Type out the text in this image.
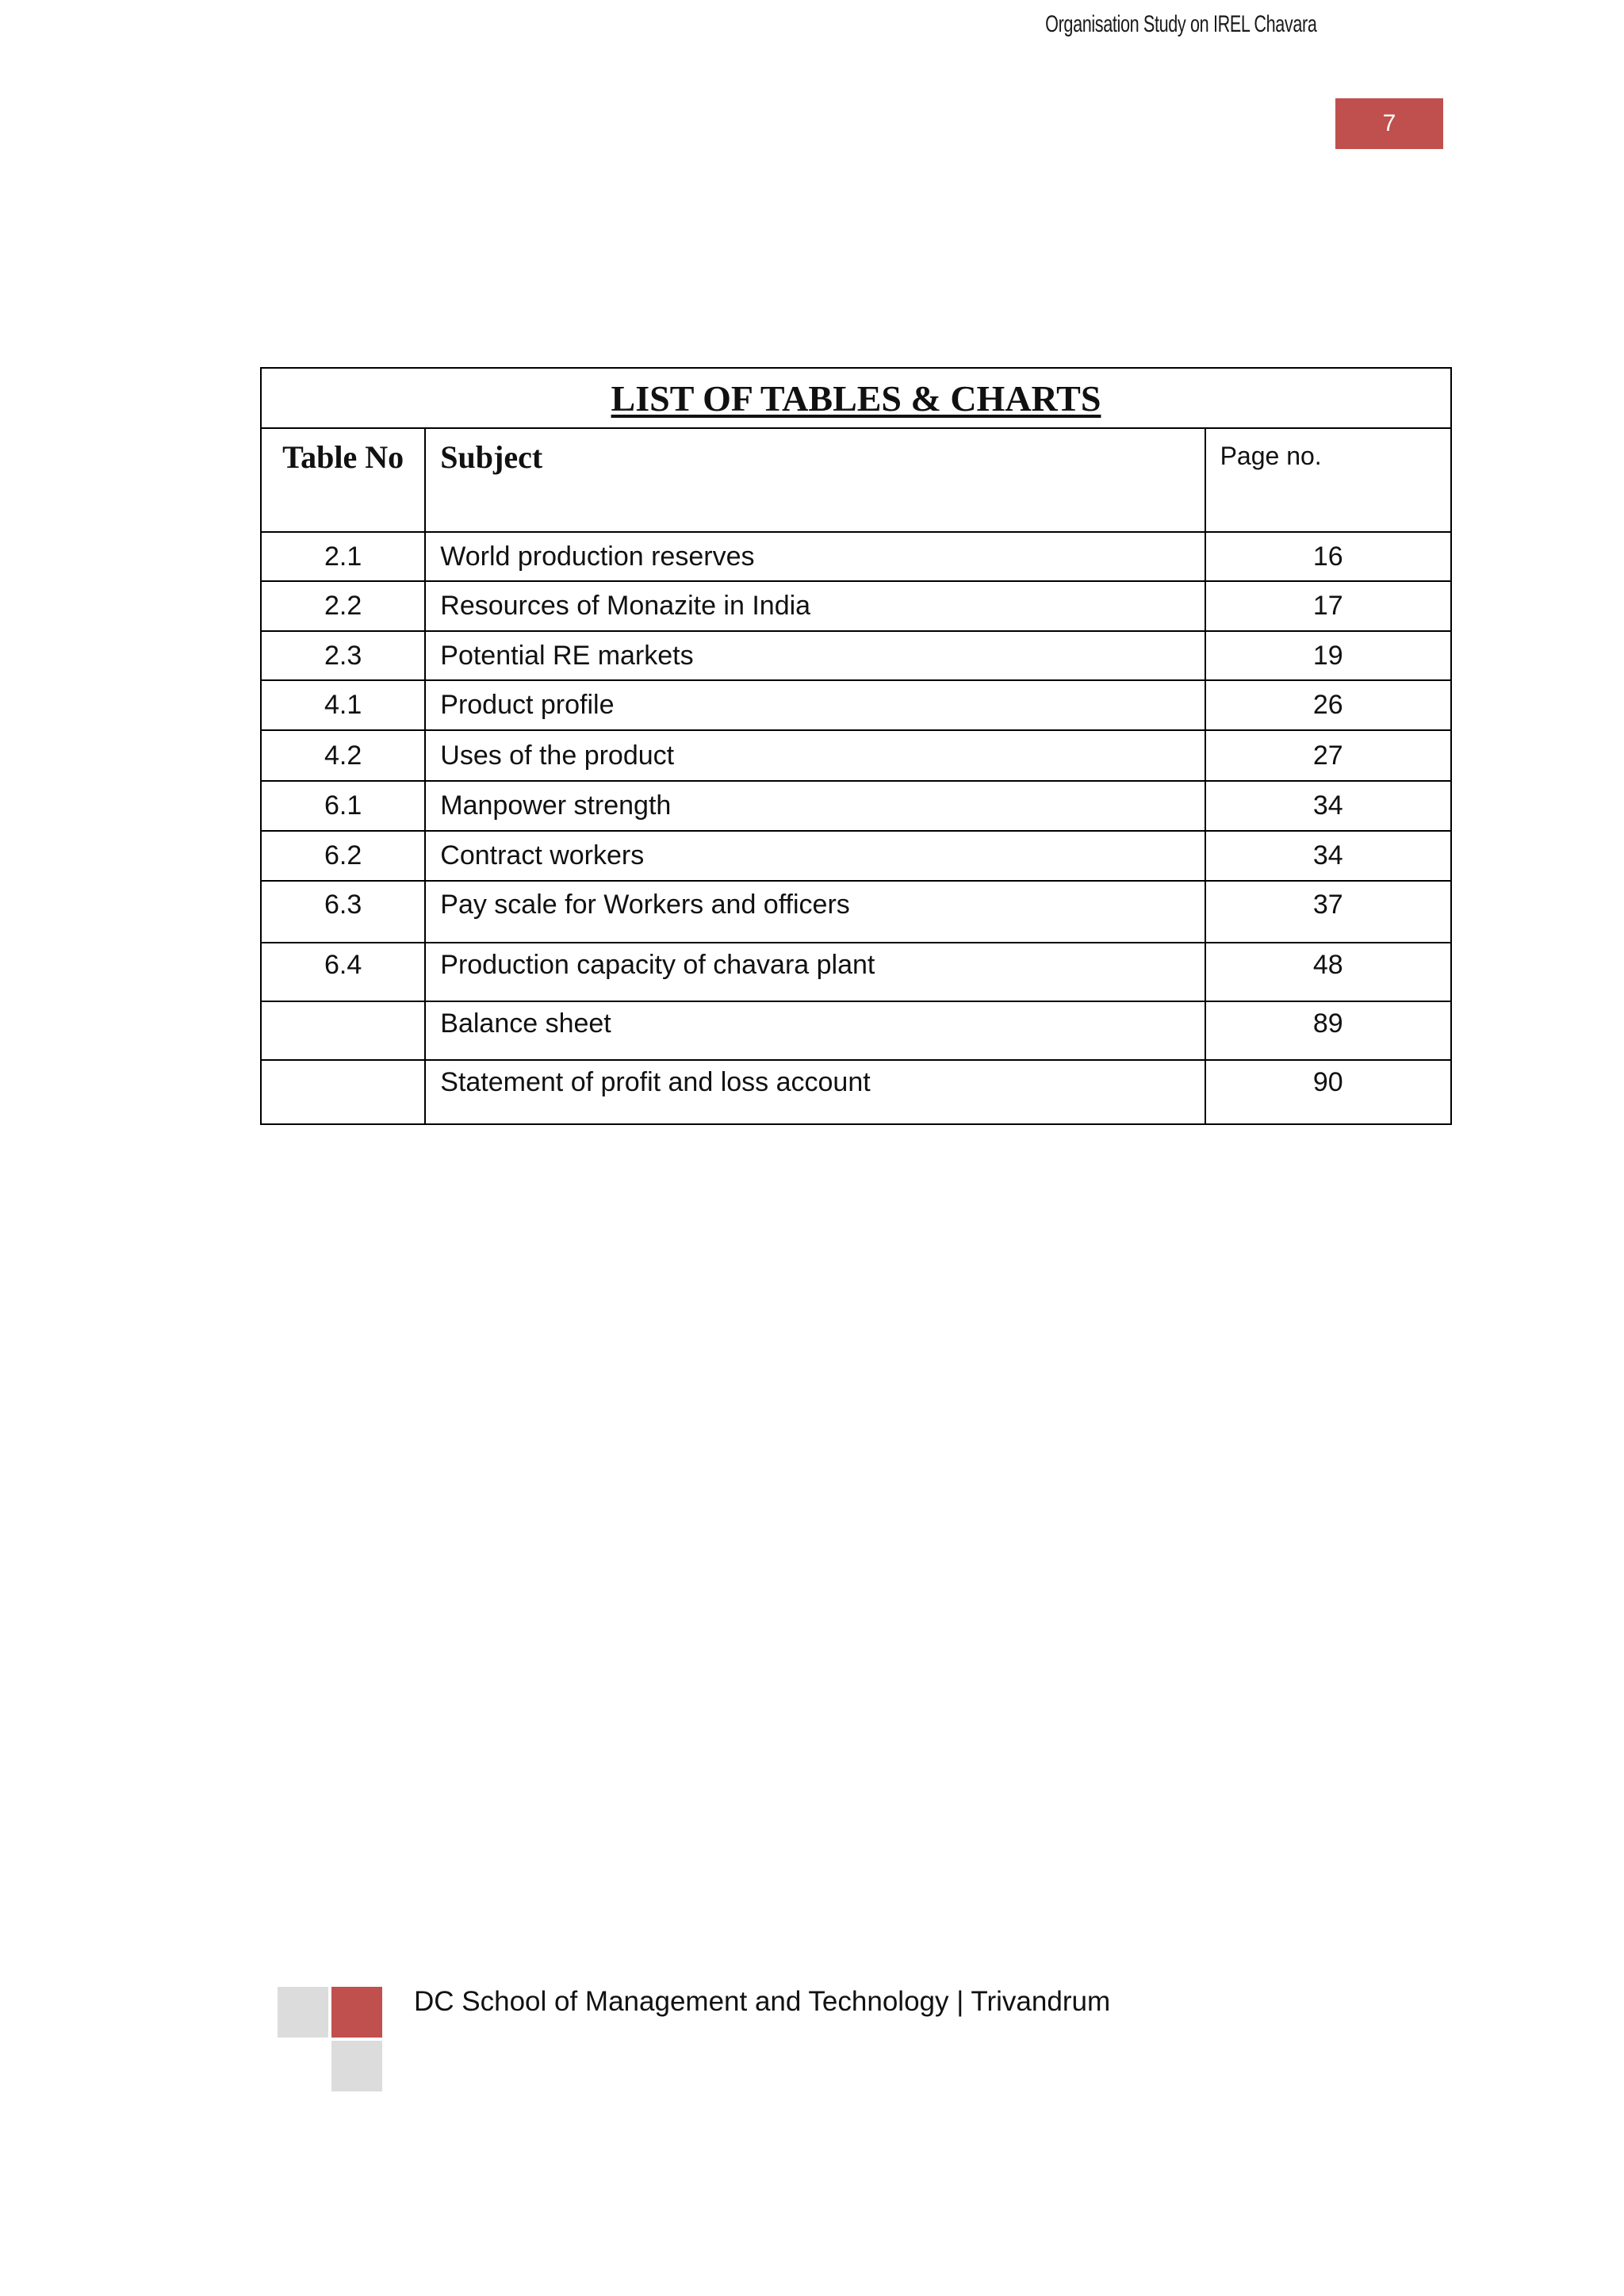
Organisation Study on IREL Chavara
7
LIST OF TABLES & CHARTS		
Table No	Subject	Page no.
2.1	World production reserves	16
2.2	Resources of Monazite in India	17
2.3	Potential RE markets	19
4.1	Product profile	26
4.2	Uses of the product	27
6.1	Manpower strength	34
6.2	Contract workers	34
6.3	Pay scale for Workers and officers	37
6.4	Production capacity of chavara plant	48
	Balance sheet	89
	Statement of profit and loss account	90
DC School of Management and Technology | Trivandrum
